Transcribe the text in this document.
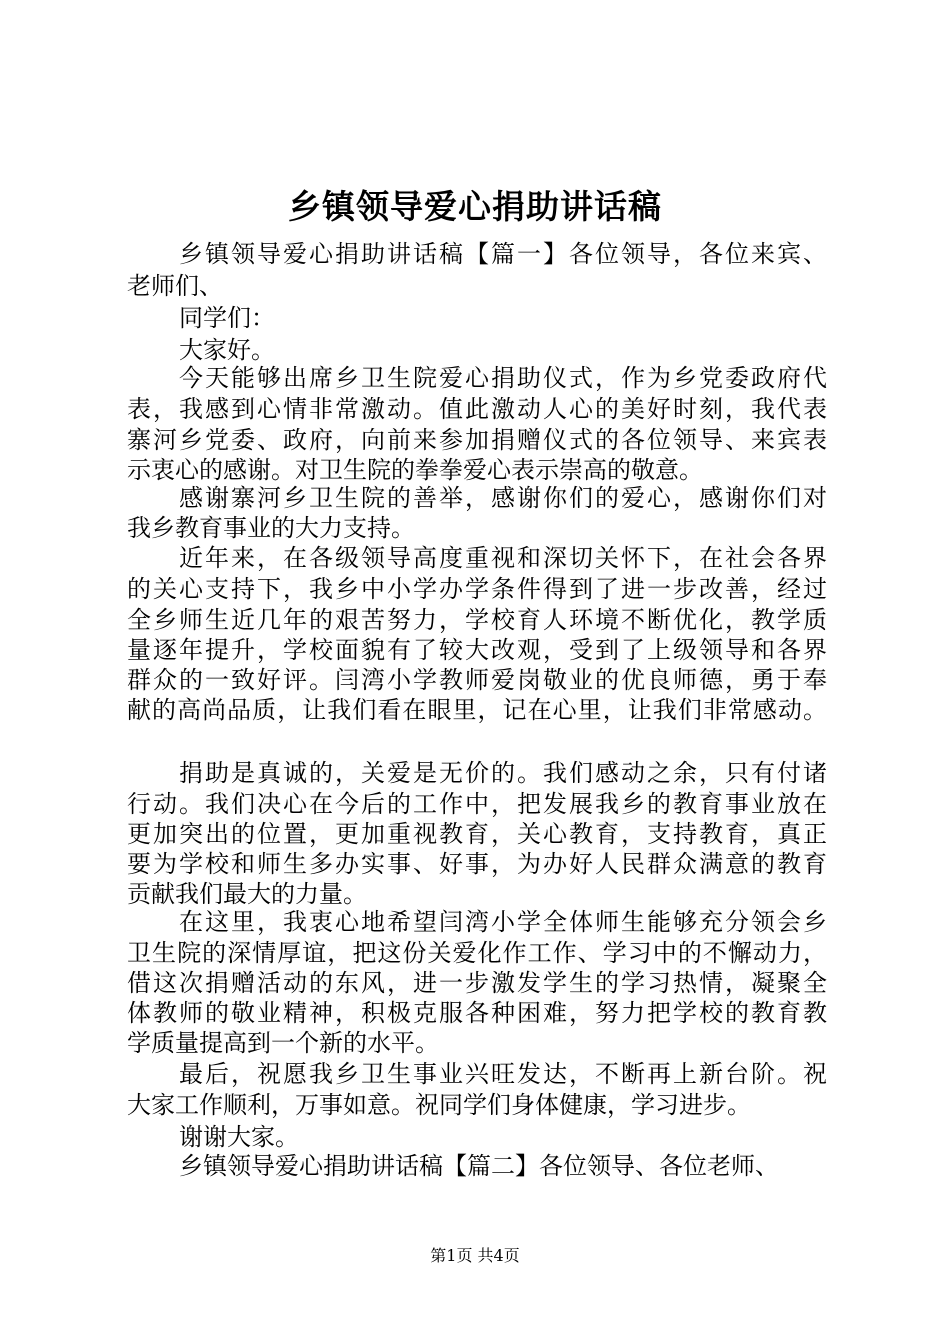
乡镇领导爱心捐助讲话稿
乡镇领导爱心捐助讲话稿【篇一】各位领导，各位来宾、
老师们、
同学们：
大家好。
今天能够出席乡卫生院爱心捐助仪式，作为乡党委政府代
表，我感到心情非常激动。值此激动人心的美好时刻，我代表
寨河乡党委、政府，向前来参加捐赠仪式的各位领导、来宾表
示衷心的感谢。对卫生院的拳拳爱心表示崇高的敬意。
感谢寨河乡卫生院的善举，感谢你们的爱心，感谢你们对
我乡教育事业的大力支持。
近年来，在各级领导高度重视和深切关怀下，在社会各界
的关心支持下，我乡中小学办学条件得到了进一步改善，经过
全乡师生近几年的艰苦努力，学校育人环境不断优化，教学质
量逐年提升，学校面貌有了较大改观，受到了上级领导和各界
群众的一致好评。闫湾小学教师爱岗敬业的优良师德，勇于奉
献的高尚品质，让我们看在眼里，记在心里，让我们非常感动。
捐助是真诚的，关爱是无价的。我们感动之余，只有付诸
行动。我们决心在今后的工作中，把发展我乡的教育事业放在
更加突出的位置，更加重视教育，关心教育，支持教育，真正
要为学校和师生多办实事、好事，为办好人民群众满意的教育
贡献我们最大的力量。
在这里，我衷心地希望闫湾小学全体师生能够充分领会乡
卫生院的深情厚谊，把这份关爱化作工作、学习中的不懈动力，
借这次捐赠活动的东风，进一步激发学生的学习热情，凝聚全
体教师的敬业精神，积极克服各种困难，努力把学校的教育教
学质量提高到一个新的水平。
最后，祝愿我乡卫生事业兴旺发达，不断再上新台阶。祝
大家工作顺利，万事如意。祝同学们身体健康，学习进步。
谢谢大家。
乡镇领导爱心捐助讲话稿【篇二】各位领导、各位老师、
第1页 共4页
